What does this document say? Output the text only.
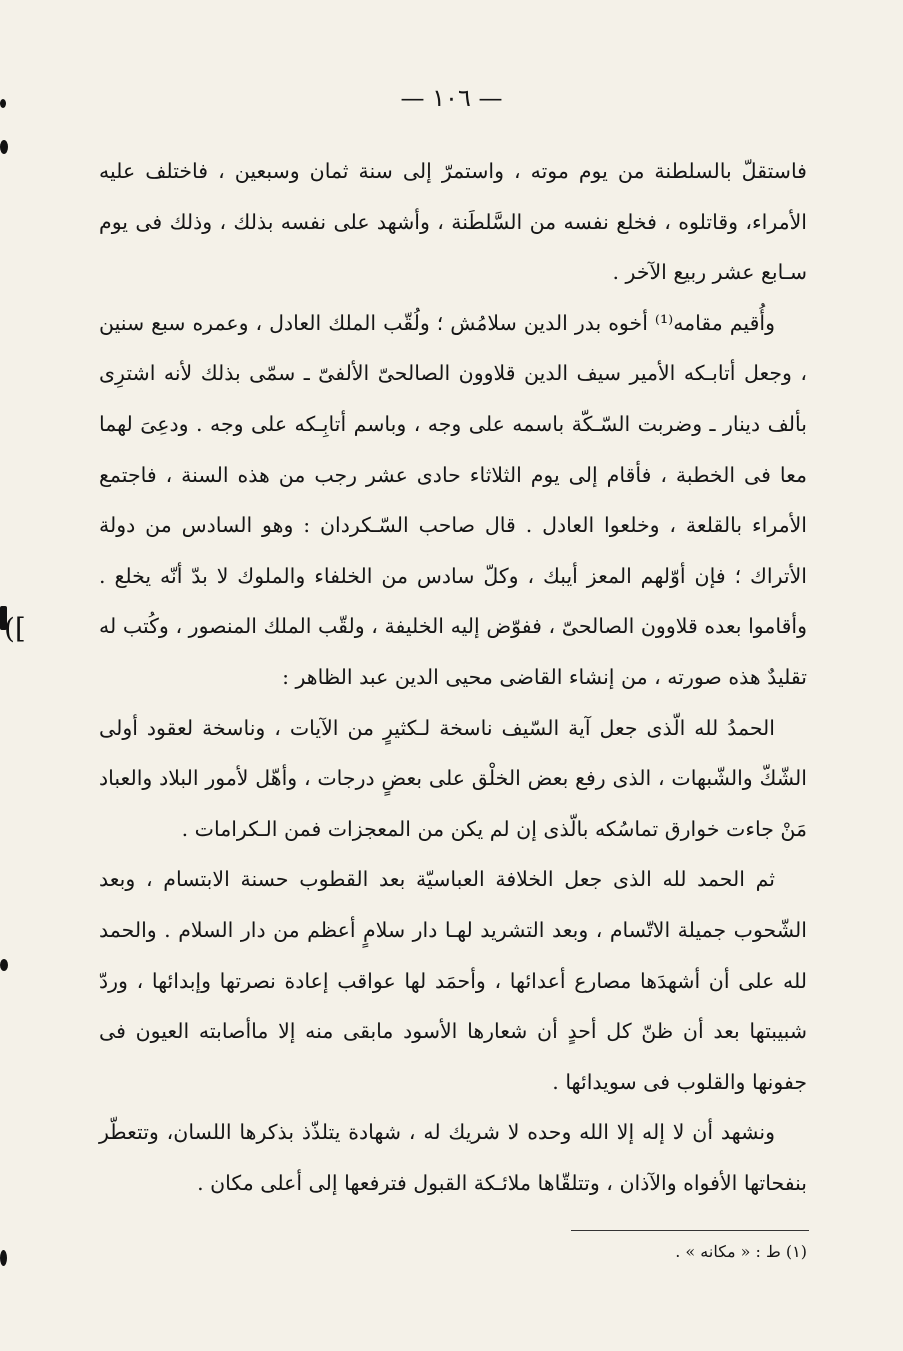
— ١٠٦ —

فاستقلّ بالسلطنة من يوم موته ، واستمرّ إلى سنة ثمان وسبعين ، فاختلف عليه الأمراء، وقاتلوه ، فخلع نفسه من السَّلطَنة ، وأشهد على نفسه بذلك ، وذلك فى يوم سـابع عشر ربيع الآخر .

وأُقيم مقامه⁽¹⁾ أخوه بدر الدين سلامُش ؛ ولُقّب الملك العادل ، وعمره سبع سنين ، وجعل أتابـكه الأمير سيف الدين قلاوون الصالحىّ الألفىّ ـ سمّى بذلك لأنه اشترِى بألف دينار ـ وضربت السّـكّة باسمه على وجه ، وباسم أتابِـكه على وجه . ودعِىَ لهما معا فى الخطبة ، فأقام إلى يوم الثلاثاء حادى عشر رجب من هذه السنة ، فاجتمع الأمراء بالقلعة ، وخلعوا العادل . قال صاحب السّـكردان : وهو السادس من دولة الأتراك ؛ فإن أوّلهم المعز أيبك ، وكلّ سادس من الخلفاء والملوك لا بدّ أنّه يخلع . وأقاموا بعده قلاوون الصالحىّ ، ففوّض إليه الخليفة ، ولقّب الملك المنصور ، وكُتب له تقليدٌ هذه صورته ، من إنشاء القاضى محيى الدين عبد الظاهر :

الحمدُ لله الّذى جعل آية السّيف ناسخة لـكثيرٍ من الآيات ، وناسخة لعقود أولى الشّكّ والشّبهات ، الذى رفع بعض الخلْق على بعضٍ درجات ، وأهّل لأمور البلاد والعباد مَنْ جاءت خوارق تماسُكه بالّذى إن لم يكن من المعجزات فمن الـكرامات .

ثم الحمد لله الذى جعل الخلافة العباسيّة بعد القطوب حسنة الابتسام ، وبعد الشّحوب جميلة الاتّسام ، وبعد التشريد لهـا دار سلامٍ أعظم من دار السلام . والحمد لله على أن أشهدَها مصارع أعدائها ، وأحمَد لها عواقب إعادة نصرتها وإبدائها ، وردّ شبيبتها بعد أن ظنّ كل أحدٍ أن شعارها الأسود مابقى منه إلا ماأصابته العيون فى جفونها والقلوب فى سويدائها .

ونشهد أن لا إله إلا الله وحده لا شريك له ، شهادة يتلذّذ بذكرها اللسان، وتتعطّر بنفحاتها الأفواه والآذان ، وتتلقّاها ملائـكة القبول فترفعها إلى أعلى مكان .

(١) ط : « مكانه » .
([
